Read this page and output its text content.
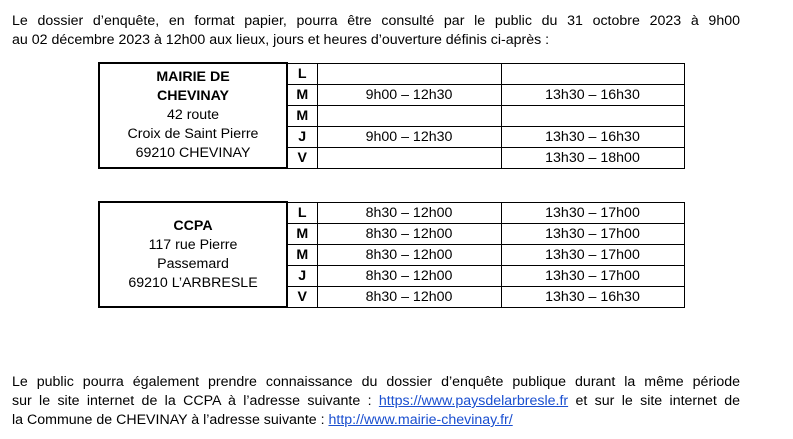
Le dossier d’enquête, en format papier, pourra être consulté par le public du 31 octobre 2023 à 9h00
au 02 décembre 2023 à 12h00 aux lieux, jours et heures d’ouverture définis ci-après :

MAIRIE DE
CHEVINAY
42 route
Croix de Saint Pierre
69210 CHEVINAY	L		
	M	9h00 – 12h30	13h30 – 16h30
	M		
	J	9h00 – 12h30	13h30 – 16h30
	V		13h30 – 18h00
CCPA
117 rue Pierre
Passemard
69210 L’ARBRESLE	L	8h30 – 12h00	13h30 – 17h00
	M	8h30 – 12h00	13h30 – 17h00
	M	8h30 – 12h00	13h30 – 17h00
	J	8h30 – 12h00	13h30 – 17h00
	V	8h30 – 12h00	13h30 – 16h30

Le public pourra également prendre connaissance du dossier d’enquête publique durant la même période
sur le site internet de la CCPA à l’adresse suivante : https://www.paysdelarbresle.fr et sur le site internet de
la Commune de CHEVINAY à l’adresse suivante : http://www.mairie-chevinay.fr/
